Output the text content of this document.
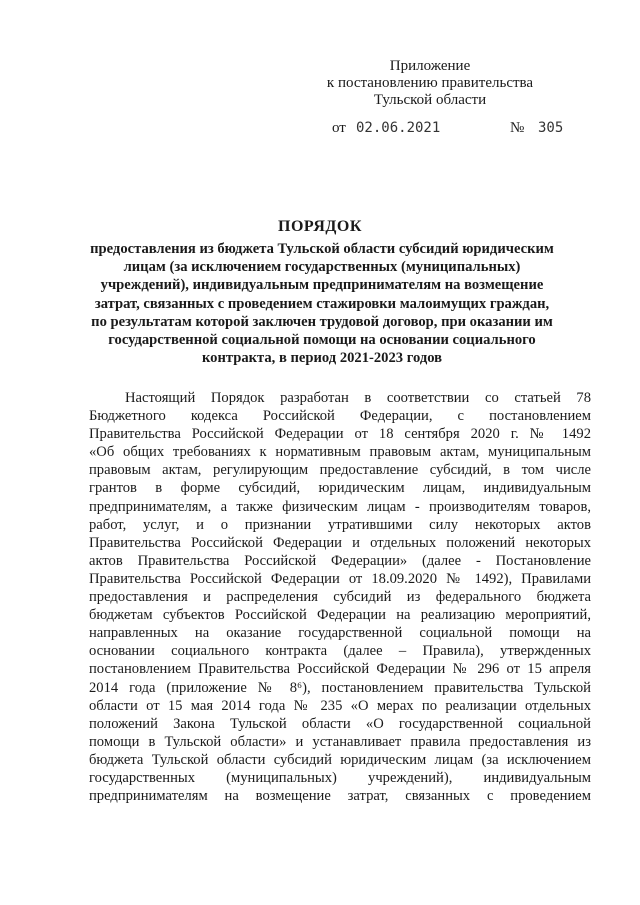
Приложение
к постановлению правительства
Тульской области
от 02.06.2021	№ 305
ПОРЯДОК
предоставления из бюджета Тульской области субсидий юридическим
лицам (за исключением государственных (муниципальных)
учреждений), индивидуальным предпринимателям на возмещение
затрат, связанных с проведением стажировки малоимущих граждан,
по результатам которой заключен трудовой договор, при оказании им
государственной социальной помощи на основании социального
контракта, в период 2021-2023 годов
Настоящий Порядок разработан в соответствии со статьей 78
Бюджетного кодекса Российской Федерации, с постановлением
Правительства Российской Федерации от 18 сентября 2020 г. № 1492
«Об общих требованиях к нормативным правовым актам, муниципальным
правовым актам, регулирующим предоставление субсидий, в том числе
грантов в форме субсидий, юридическим лицам, индивидуальным
предпринимателям, а также физическим лицам - производителям товаров,
работ, услуг, и о признании утратившими силу некоторых актов
Правительства Российской Федерации и отдельных положений некоторых
актов Правительства Российской Федерации» (далее - Постановление
Правительства Российской Федерации от 18.09.2020 № 1492), Правилами
предоставления и распределения субсидий из федерального бюджета
бюджетам субъектов Российской Федерации на реализацию мероприятий,
направленных на оказание государственной социальной помощи на
основании социального контракта (далее – Правила), утвержденных
постановлением Правительства Российской Федерации № 296 от 15 апреля
2014 года (приложение № 8⁶), постановлением правительства Тульской
области от 15 мая 2014 года № 235 «О мерах по реализации отдельных
положений Закона Тульской области «О государственной социальной
помощи в Тульской области» и устанавливает правила предоставления из
бюджета Тульской области субсидий юридическим лицам (за исключением
государственных (муниципальных) учреждений), индивидуальным
предпринимателям на возмещение затрат, связанных с проведением
